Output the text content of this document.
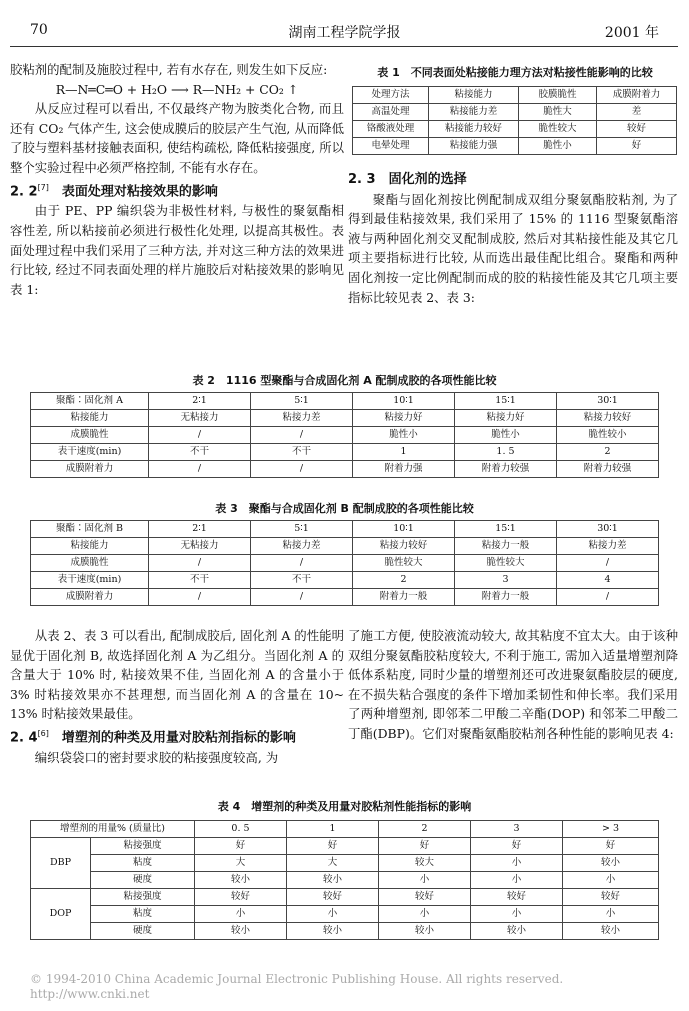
70	湖南工程学院学报	2001 年

胶粘剂的配制及施胶过程中, 若有水存在, 则发生如下反应:

R—N═C═O + H₂O ⟶ R—NH₂ + CO₂ ↑

从反应过程可以看出, 不仅最终产物为胺类化合物, 而且还有 CO₂ 气体产生, 这会使成膜后的胶层产生气泡, 从而降低了胶与塑料基材接触表面积, 使结构疏松, 降低粘接强度, 所以整个实验过程中必须严格控制, 不能有水存在。

2. 2[7]　 表面处理对粘接效果的影响

由于 PE、PP 编织袋为非极性材料, 与极性的聚氨酯相容性差, 所以粘接前必须进行极性化处理, 以提高其极性。表面处理过程中我们采用了三种方法, 并对这三种方法的效果进行比较, 经过不同表面处理的样片施胶后对粘接效果的影响见表 1:

表 1　不同表面处粘接能力理方法对粘接性能影响的比较
处理方法	粘接能力	胶膜脆性	成膜附着力
高温处理	粘接能力差	脆性大	差
铬酸液处理	粘接能力较好	脆性较大	较好
电晕处理	粘接能力强	脆性小	好
2. 3　 固化剂的选择

聚酯与固化剂按比例配制成双组分聚氨酯胶粘剂, 为了得到最佳粘接效果, 我们采用了 15% 的 1116 型聚氨酯溶液与两种固化剂交叉配制成胶, 然后对其粘接性能及其它几项主要指标进行比较, 从而选出最佳配比组合。聚酯和两种固化剂按一定比例配制而成的胶的粘接性能及其它几项主要指标比较见表 2、表 3:

表 2　1116 型聚酯与合成固化剂 A 配制成胶的各项性能比较
聚酯∶固化剂 A	2∶1	5∶1	10∶1	15∶1	30∶1
粘接能力	无粘接力	粘接力差	粘接力好	粘接力好	粘接力较好
成膜脆性	/	/	脆性小	脆性小	脆性较小
表干速度(min)	不干	不干	1	1. 5	2
成膜附着力	/	/	附着力强	附着力较强	附着力较强
表 3　聚酯与合成固化剂 B 配制成胶的各项性能比较
聚酯∶固化剂 B	2∶1	5∶1	10∶1	15∶1	30∶1
粘接能力	无粘接力	粘接力差	粘接力较好	粘接力一般	粘接力差
成膜脆性	/	/	脆性较大	脆性较大	/
表干速度(min)	不干	不干	2	3	4
成膜附着力	/	/	附着力一般	附着力一般	/

从表 2、表 3 可以看出, 配制成胶后, 固化剂 A 的性能明显优于固化剂 B, 故选择固化剂 A 为乙组分。当固化剂 A 的含量大于 10% 时, 粘接效果不佳, 当固化剂 A 的含量小于 3% 时粘接效果亦不甚理想, 而当固化剂 A 的含量在 10~ 13% 时粘接效果最佳。

2. 4[6]　 增塑剂的种类及用量对胶粘剂指标的影响

编织袋袋口的密封要求胶的粘接强度较高, 为

了施工方便, 使胶液流动较大, 故其粘度不宜太大。由于该种双组分聚氨酯胶粘度较大, 不利于施工, 需加入适量增塑剂降低体系粘度, 同时少量的增塑剂还可改进聚氨酯胶层的硬度, 在不损失粘合强度的条件下增加柔韧性和伸长率。我们采用了两种增塑剂, 即邻苯二甲酸二辛酯(DOP) 和邻苯二甲酸二丁酯(DBP)。它们对聚酯氨酯胶粘剂各种性能的影响见表 4:

表 4　增塑剂的种类及用量对胶粘剂性能指标的影响
增塑剂的用量% (质量比)		0. 5	1	2	3	> 3
DBP	粘接强度	好	好	好	好	好
	粘度	大	大	较大	小	较小
	硬度	较小	较小	小	小	小
DOP	粘接强度	较好	较好	较好	较好	较好
	粘度	小	小	小	小	小
	硬度	较小	较小	较小	较小	较小
© 1994-2010 China Academic Journal Electronic Publishing House. All rights reserved.　http://www.cnki.net
